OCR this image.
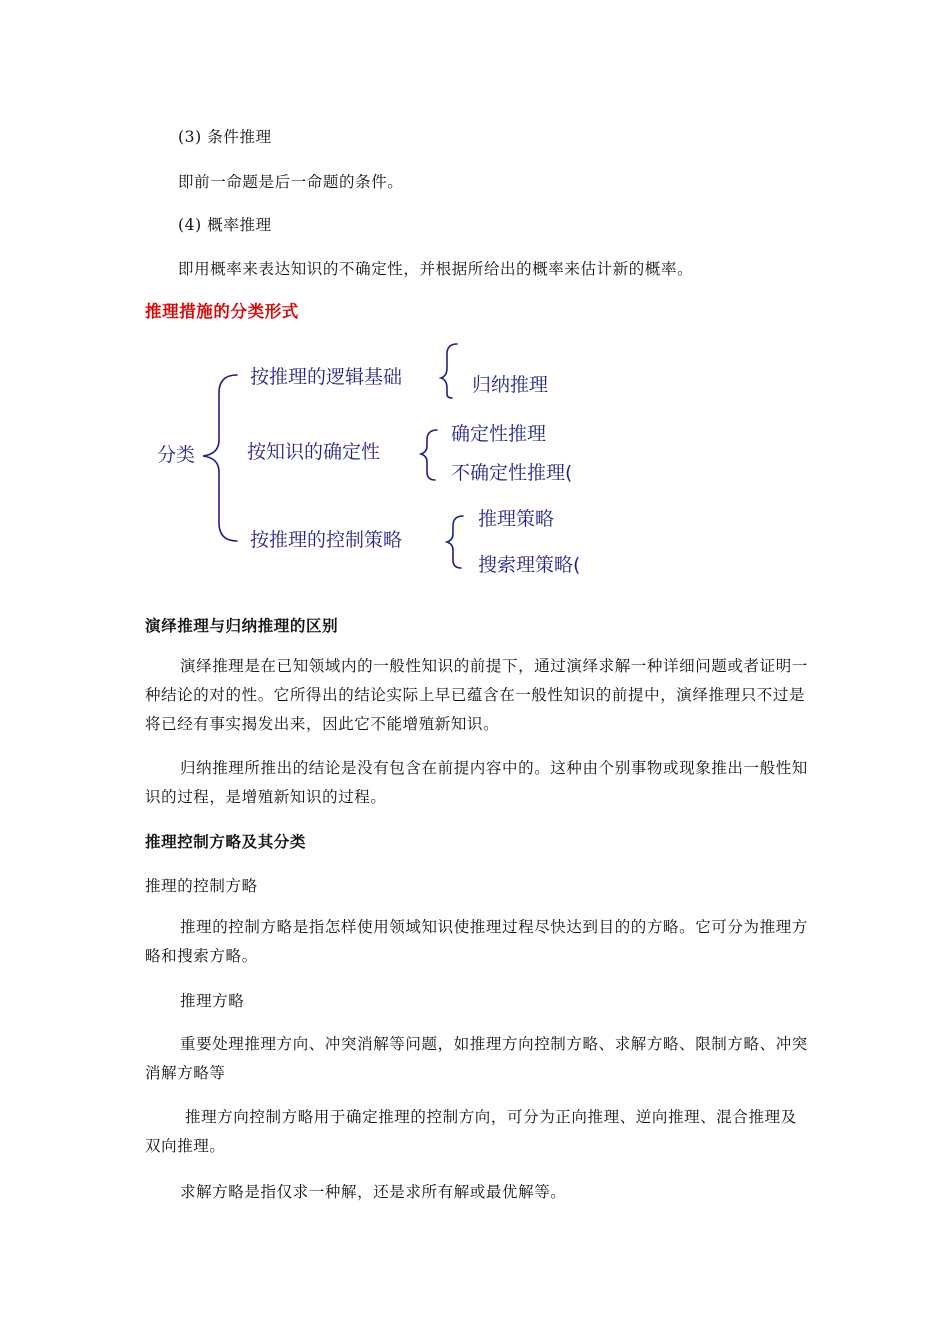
(3) 条件推理
即前一命题是后一命题的条件。
(4) 概率推理
即用概率来表达知识的不确定性，并根据所给出的概率来估计新的概率。
推理措施的分类形式
分类
按推理的逻辑基础	归纳推理
按知识的确定性
确定性推理
不确定性推理(
按推理的控制策略
推理策略
搜索理策略(
演绎推理与归纳推理的区别
演绎推理是在已知领域内的一般性知识的前提下，通过演绎求解一种详细问题或者证明一种结论的对的性。它所得出的结论实际上早已蕴含在一般性知识的前提中，演绎推理只不过是将已经有事实揭发出来，因此它不能增殖新知识。
归纳推理所推出的结论是没有包含在前提内容中的。这种由个别事物或现象推出一般性知识的过程，是增殖新知识的过程。
推理控制方略及其分类
推理的控制方略
推理的控制方略是指怎样使用领域知识使推理过程尽快达到目的的方略。它可分为推理方略和搜索方略。
推理方略
重要处理推理方向、冲突消解等问题，如推理方向控制方略、求解方略、限制方略、冲突消解方略等
推理方向控制方略用于确定推理的控制方向，可分为正向推理、逆向推理、混合推理及双向推理。
求解方略是指仅求一种解，还是求所有解或最优解等。
